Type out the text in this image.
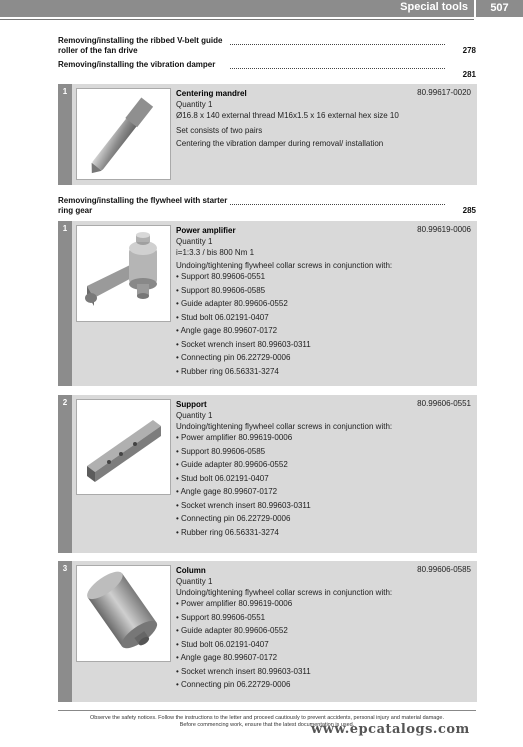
Special tools	507
Removing/installing the ribbed V-belt guide roller of the fan drive	278
Removing/installing the vibration damper
281
1	Centering mandrel
Quantity 1
Ø16.8 x 140 external thread M16x1.5 x 16 external hex size 10
Set consists of two pairs
Centering the vibration damper during removal/ installation
80.99617-0020
Removing/installing the flywheel with starter ring gear	285
1	Power amplifier
Quantity 1
i=1:3.3 / bis 800 Nm 1
Undoing/tightening flywheel collar screws in conjunction with:
• Support 80.99606-0551
• Support 80.99606-0585
• Guide adapter 80.99606-0552
• Stud bolt 06.02191-0407
• Angle gage 80.99607-0172
• Socket wrench insert 80.99603-0311
• Connecting pin 06.22729-0006
• Rubber ring 06.56331-3274
80.99619-0006
2	Support
Quantity 1
Undoing/tightening flywheel collar screws in conjunction with:
• Power amplifier 80.99619-0006
• Support 80.99606-0585
• Guide adapter 80.99606-0552
• Stud bolt 06.02191-0407
• Angle gage 80.99607-0172
• Socket wrench insert 80.99603-0311
• Connecting pin 06.22729-0006
• Rubber ring 06.56331-3274
80.99606-0551
3	Column
Quantity 1
Undoing/tightening flywheel collar screws in conjunction with:
• Power amplifier 80.99619-0006
• Support 80.99606-0551
• Guide adapter 80.99606-0552
• Stud bolt 06.02191-0407
• Angle gage 80.99607-0172
• Socket wrench insert 80.99603-0311
• Connecting pin 06.22729-0006
80.99606-0585
Observe the safety notices. Follow the instructions to the letter and proceed cautiously to prevent accidents, personal injury and material damage.
Before commencing work, ensure that the latest documentation is used.
www.epcatalogs.com
